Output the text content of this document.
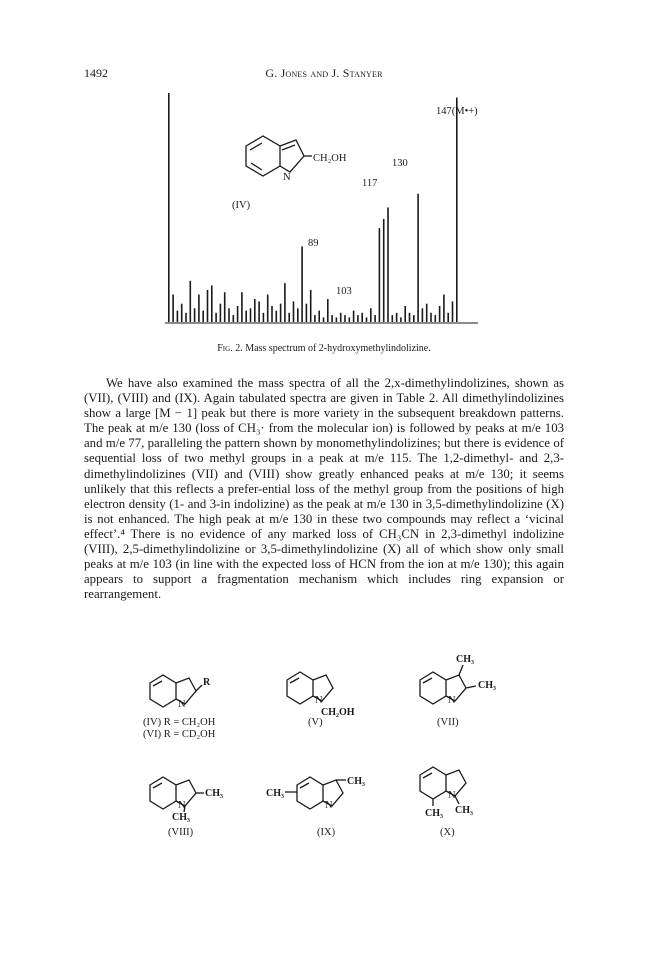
1492	G. Jones and J. Stanyer
89
103
117
130
147(M•+)
N
CH₂OH
(IV)
Fig. 2. Mass spectrum of 2-hydroxymethylindolizine.

We have also examined the mass spectra of all the 2,x-dimethylindolizines, shown as (VII), (VIII) and (IX). Again tabulated spectra are given in Table 2. All dimethylindolizines show a large [M − 1] peak but there is more variety in the subsequent breakdown patterns. The peak at m/e 130 (loss of CH₃· from the molecular ion) is followed by peaks at m/e 103 and m/e 77, paralleling the pattern shown by monomethylindolizines; but there is evidence of sequential loss of two methyl groups in a peak at m/e 115. The 1,2-dimethyl- and 2,3-dimethylindolizines (VII) and (VIII) show greatly enhanced peaks at m/e 130; it seems unlikely that this reflects a prefer-ential loss of the methyl group from the positions of high electron density (1- and 3-in indolizine) as the peak at m/e 130 in 3,5-dimethylindolizine (X) is not enhanced. The high peak at m/e 130 in these two compounds may reflect a ‘vicinal effect’.⁴ There is no evidence of any marked loss of CH₃CN in 2,3-dimethyl indolizine (VIII), 2,5-dimethylindolizine or 3,5-dimethylindolizine (X) all of which show only small peaks at m/e 103 (in line with the expected loss of HCN from the ion at m/e 130); this again appears to support a fragmentation mechanism which includes ring expansion or rearrangement.

N
R
(IV) R = CH₂OH
(VI) R = CD₂OH
N
CH₂OH
(V)
N
CH₃
CH₃
(VII)
N
CH₃
CH₃
(VIII)
CH₃
N
CH₃
(IX)
N
CH₃ CH₃
(X)
